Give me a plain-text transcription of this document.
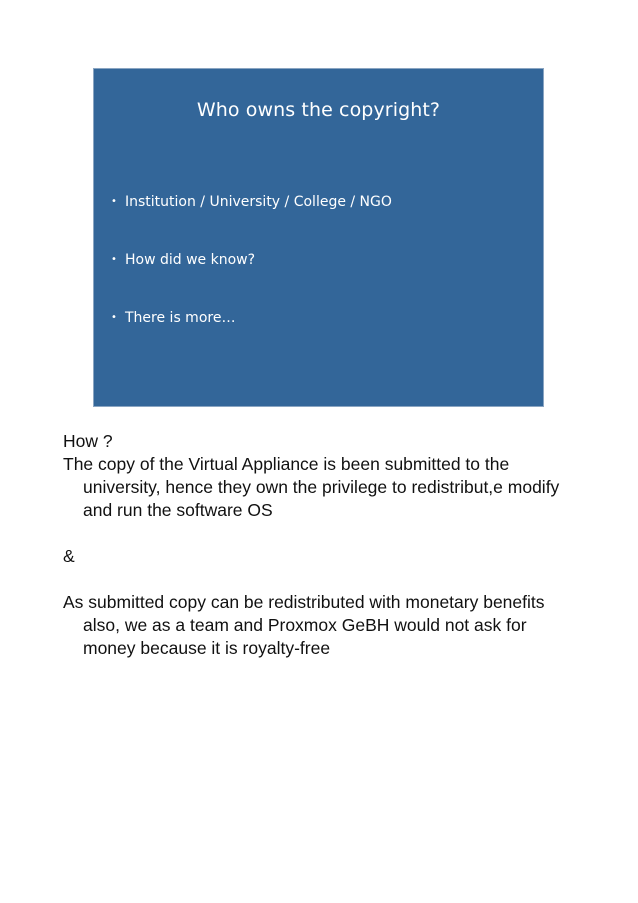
Who owns the copyright?
• Institution / University / College / NGO
• How did we know?
• There is more…

How ?

The copy of the Virtual Appliance is been submitted to the university, hence they own the privilege to redistribut,e modify and run the software OS

&

As submitted copy can be redistributed with monetary benefits also, we as a team and Proxmox GeBH would not ask for money because it is royalty-free
